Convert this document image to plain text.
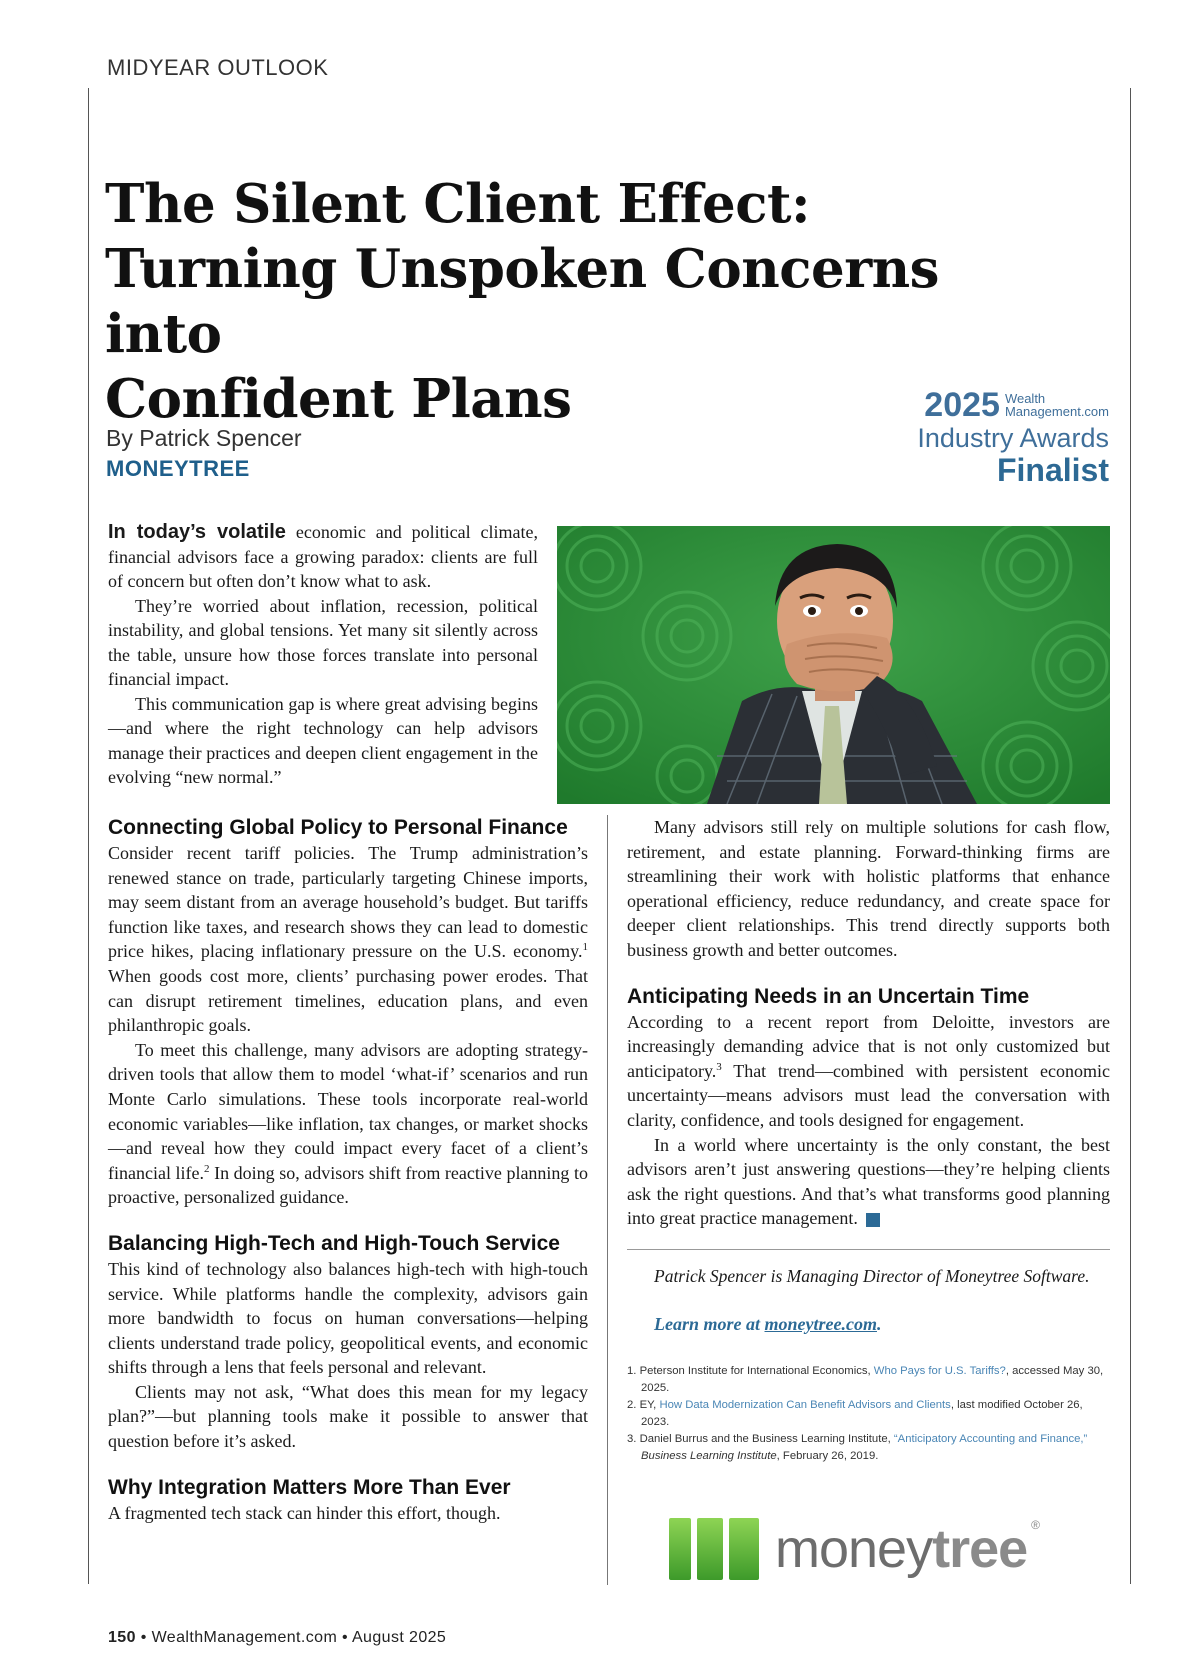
MIDYEAR OUTLOOK
The Silent Client Effect:
Turning Unspoken Concerns into
Confident Plans
By Patrick Spencer
MONEYTREE
2025 Wealth
Management.com
Industry Awards
Finalist

In today’s volatile economic and political climate, financial advisors face a growing paradox: clients are full of concern but often don’t know what to ask.

They’re worried about inflation, recession, political instability, and global tensions. Yet many sit silently across the table, unsure how those forces translate into personal financial impact.

This communication gap is where great advising begins—and where the right technology can help advisors manage their practices and deepen client engagement in the evolving “new normal.”

Connecting Global Policy to Personal Finance

Consider recent tariff policies. The Trump administration’s renewed stance on trade, particularly targeting Chinese imports, may seem distant from an average household’s budget. But tariffs function like taxes, and research shows they can lead to domestic price hikes, placing inflationary pressure on the U.S. economy.$^1$ When goods cost more, clients’ purchasing power erodes. That can disrupt retirement timelines, education plans, and even philanthropic goals.

To meet this challenge, many advisors are adopting strategy-driven tools that allow them to model ‘what-if’ scenarios and run Monte Carlo simulations. These tools incorporate real-world economic variables—like inflation, tax changes, or market shocks—and reveal how they could impact every facet of a client’s financial life.$^2$ In doing so, advisors shift from reactive planning to proactive, personalized guidance.

Balancing High-Tech and High-Touch Service

This kind of technology also balances high-tech with high-touch service. While platforms handle the complexity, advisors gain more bandwidth to focus on human conversations—helping clients understand trade policy, geopolitical events, and economic shifts through a lens that feels personal and relevant.

Clients may not ask, “What does this mean for my legacy plan?”—but planning tools make it possible to answer that question before it’s asked.

Why Integration Matters More Than Ever

A fragmented tech stack can hinder this effort, though.

Many advisors still rely on multiple solutions for cash flow, retirement, and estate planning. Forward-thinking firms are streamlining their work with holistic platforms that enhance operational efficiency, reduce redundancy, and create space for deeper client relationships. This trend directly supports both business growth and better outcomes.

Anticipating Needs in an Uncertain Time

According to a recent report from Deloitte, investors are increasingly demanding advice that is not only customized but anticipatory.$^3$ That trend—combined with persistent economic uncertainty—means advisors must lead the conversation with clarity, confidence, and tools designed for engagement.

In a world where uncertainty is the only constant, the best advisors aren’t just answering questions—they’re helping clients ask the right questions. And that’s what transforms good planning into great practice management.

Patrick Spencer is Managing Director of Moneytree Software.

Learn more at moneytree.com.

1. Peterson Institute for International Economics, Who Pays for U.S. Tariffs?, accessed May 30, 2025.
2. EY, How Data Modernization Can Benefit Advisors and Clients, last modified October 26, 2023.
3. Daniel Burrus and the Business Learning Institute, “Anticipatory Accounting and Finance,” Business Learning Institute, February 26, 2019.
moneytree ®
150 • WealthManagement.com • August 2025
